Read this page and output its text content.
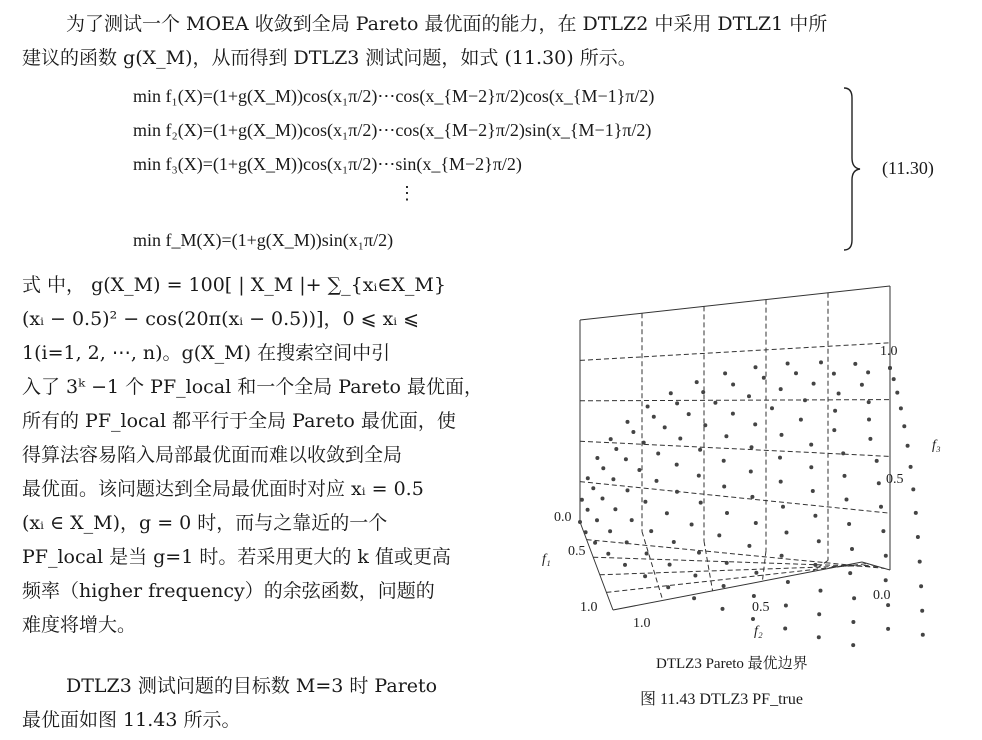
为了测试一个 MOEA 收敛到全局 Pareto 最优面的能力，在 DTLZ2 中采用 DTLZ1 中所
建议的函数 g(X_M)，从而得到 DTLZ3 测试问题，如式 (11.30) 所示。
min f₁(X)=(1+g(X_M))cos(x₁π/2)⋯cos(x_{M−2}π/2)cos(x_{M−1}π/2)
min f₂(X)=(1+g(X_M))cos(x₁π/2)⋯cos(x_{M−2}π/2)sin(x_{M−1}π/2)
min f₃(X)=(1+g(X_M))cos(x₁π/2)⋯sin(x_{M−2}π/2)
⋮
min f_M(X)=(1+g(X_M))sin(x₁π/2)
(11.30)
式 中， g(X_M) = 100[ | X_M |+ ∑_{xᵢ∈X_M}
(xᵢ − 0.5)² − cos(20π(xᵢ − 0.5))]，0 ⩽ xᵢ ⩽
1(i=1, 2, ⋯, n)。g(X_M) 在搜索空间中引
入了 3ᵏ −1 个 PF_local 和一个全局 Pareto 最优面，
所有的 PF_local 都平行于全局 Pareto 最优面，使
得算法容易陷入局部最优面而难以收敛到全局
最优面。该问题达到全局最优面时对应 xᵢ = 0.5
(xᵢ ∈ X_M)，g = 0 时，而与之靠近的一个
PF_local 是当 g=1 时。若采用更大的 k 值或更高
频率（higher frequency）的余弦函数，问题的
难度将增大。
DTLZ3 测试问题的目标数 M=3 时 Pareto
最优面如图 11.43 所示。
1.0
0.5
0.0
f₃
0.0
0.5
1.0
f₁
1.0
0.5
f₂
DTLZ3 Pareto 最优边界
图 11.43 DTLZ3 PF_true
